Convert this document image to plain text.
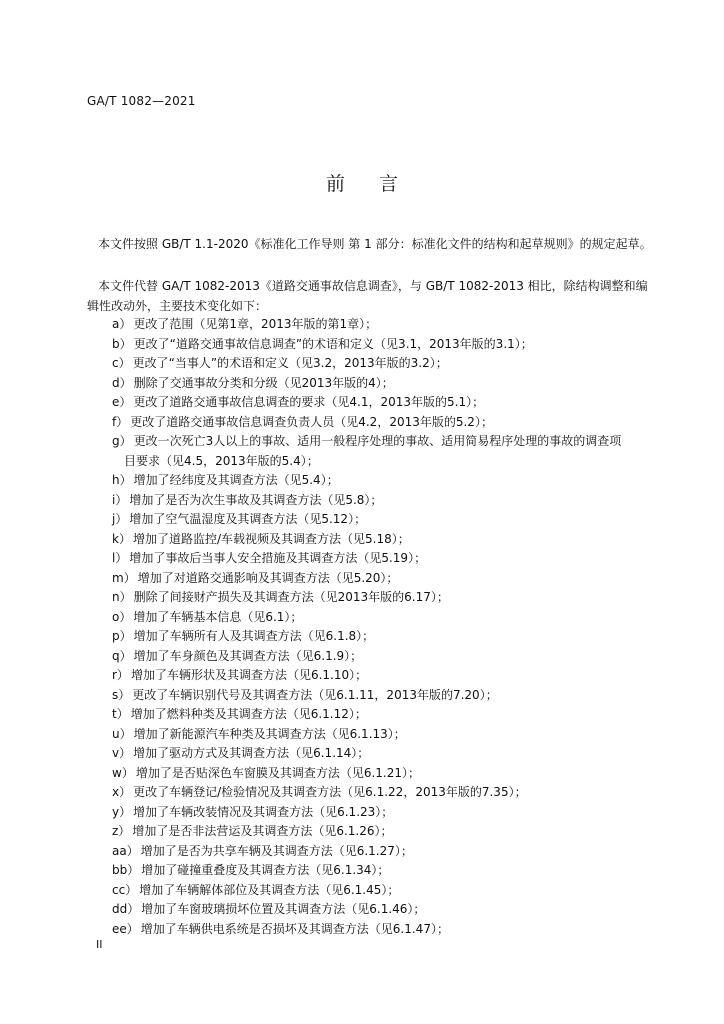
GA/T 1082—2021
前 言

本文件按照 GB/T 1.1-2020《标准化工作导则 第 1 部分：标准化文件的结构和起草规则》的规定起草。

本文件代替 GA/T 1082-2013《道路交通事故信息调查》，与 GB/T 1082-2013 相比，除结构调整和编辑性改动外，主要技术变化如下：

a） 更改了范围（见第1章，2013年版的第1章）；
b） 更改了“道路交通事故信息调查”的术语和定义（见3.1，2013年版的3.1）；
c） 更改了“当事人”的术语和定义（见3.2，2013年版的3.2）；
d） 删除了交通事故分类和分级（见2013年版的4）；
e） 更改了道路交通事故信息调查的要求（见4.1，2013年版的5.1）；
f） 更改了道路交通事故信息调查负责人员（见4.2，2013年版的5.2）；
g） 更改一次死亡3人以上的事故、适用一般程序处理的事故、适用简易程序处理的事故的调查项
目要求（见4.5，2013年版的5.4）；
h） 增加了经纬度及其调查方法（见5.4）；
i） 增加了是否为次生事故及其调查方法（见5.8）；
j） 增加了空气温湿度及其调查方法（见5.12）；
k） 增加了道路监控/车载视频及其调查方法（见5.18）；
l） 增加了事故后当事人安全措施及其调查方法（见5.19）；
m） 增加了对道路交通影响及其调查方法（见5.20）；
n） 删除了间接财产损失及其调查方法（见2013年版的6.17）；
o） 增加了车辆基本信息（见6.1）；
p） 增加了车辆所有人及其调查方法（见6.1.8）；
q） 增加了车身颜色及其调查方法（见6.1.9）；
r） 增加了车辆形状及其调查方法（见6.1.10）；
s） 更改了车辆识别代号及其调查方法（见6.1.11，2013年版的7.20）；
t） 增加了燃料种类及其调查方法（见6.1.12）；
u） 增加了新能源汽车种类及其调查方法（见6.1.13）；
v） 增加了驱动方式及其调查方法（见6.1.14）；
w） 增加了是否贴深色车窗膜及其调查方法（见6.1.21）；
x） 更改了车辆登记/检验情况及其调查方法（见6.1.22，2013年版的7.35）；
y） 增加了车辆改装情况及其调查方法（见6.1.23）；
z） 增加了是否非法营运及其调查方法（见6.1.26）；
aa） 增加了是否为共享车辆及其调查方法（见6.1.27）；
bb） 增加了碰撞重叠度及其调查方法（见6.1.34）；
cc） 增加了车辆解体部位及其调查方法（见6.1.45）；
dd） 增加了车窗玻璃损坏位置及其调查方法（见6.1.46）；
ee） 增加了车辆供电系统是否损坏及其调查方法（见6.1.47）；
II
